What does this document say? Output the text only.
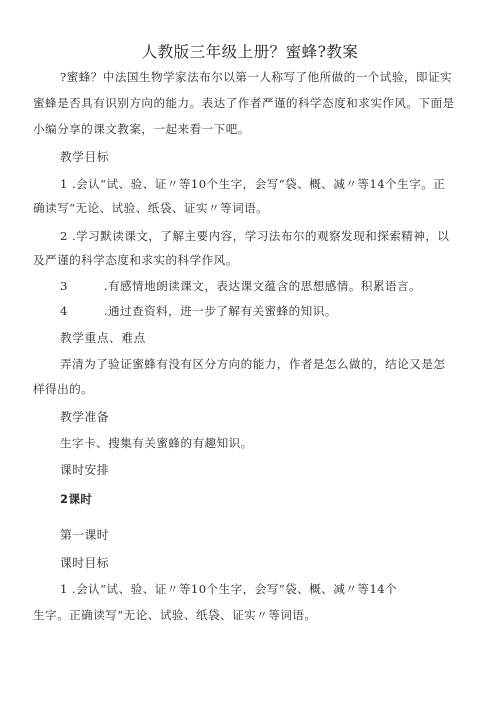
人教版三年级上册？蜜蜂?教案
?蜜蜂？中法国生物学家法布尔以第一人称写了他所做的一个试验，即证实
蜜蜂是否具有识别方向的能力。表达了作者严谨的科学态度和求实作风。下面是
小编分享的课文教案，一起来看一下吧。
教学目标
1 .会认“试、验、证〃等10个生字，会写“袋、概、减〃等14个生字。正
确读写“无论、试验、纸袋、证实〃等词语。
2 .学习默读课文，了解主要内容，学习法布尔的观察发现和探索精神，以
及严谨的科学态度和求实的科学作风。
3	.有感情地朗读课文，表达课文蕴含的思想感情。积累语言。
4	.通过查资料，进一步了解有关蜜蜂的知识。
教学重点、难点
弄清为了验证蜜蜂有没有区分方向的能力，作者是怎么做的，结论又是怎
样得出的。
教学准备
生字卡、搜集有关蜜蜂的有趣知识。
课时安排
2课时
第一课时
课时目标
1 .会认“试、验、证〃等10个生字，会写“袋、概、减〃等14个
生字。正确读写“无论、试验、纸袋、证实〃等词语。
